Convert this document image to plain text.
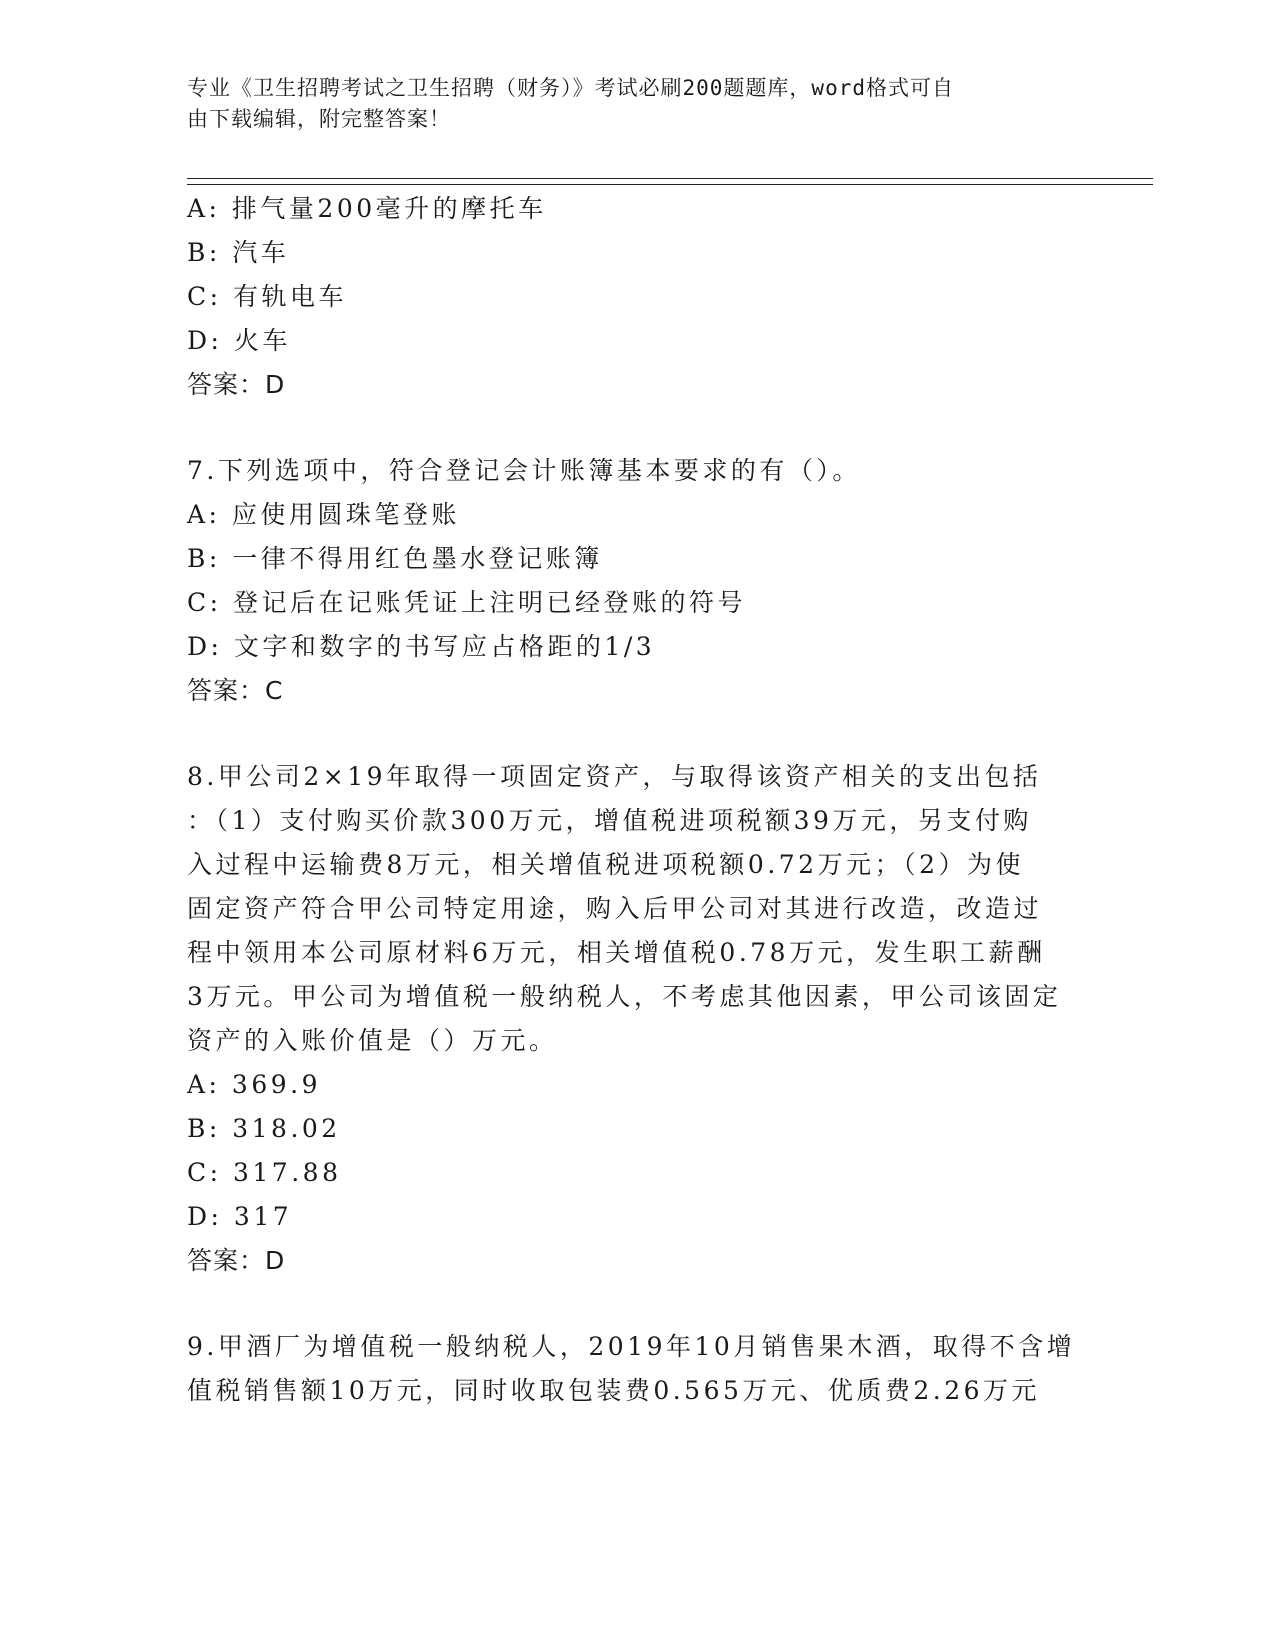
专业《卫生招聘考试之卫生招聘（财务）》考试必刷200题题库，word格式可自
由下载编辑，附完整答案！
A: 排气量200毫升的摩托车
B: 汽车
C: 有轨电车
D: 火车
答案：D
7.下列选项中，符合登记会计账簿基本要求的有（）。
A: 应使用圆珠笔登账
B: 一律不得用红色墨水登记账簿
C: 登记后在记账凭证上注明已经登账的符号
D: 文字和数字的书写应占格距的1/3
答案：C
8.甲公司2×19年取得一项固定资产，与取得该资产相关的支出包括
：（1）支付购买价款300万元，增值税进项税额39万元，另支付购
入过程中运输费8万元，相关增值税进项税额0.72万元；（2）为使
固定资产符合甲公司特定用途，购入后甲公司对其进行改造，改造过
程中领用本公司原材料6万元，相关增值税0.78万元，发生职工薪酬
3万元。甲公司为增值税一般纳税人，不考虑其他因素，甲公司该固定
资产的入账价值是（）万元。
A: 369.9
B: 318.02
C: 317.88
D: 317
答案：D
9.甲酒厂为增值税一般纳税人，2019年10月销售果木酒，取得不含增
值税销售额10万元，同时收取包装费0.565万元、优质费2.26万元
